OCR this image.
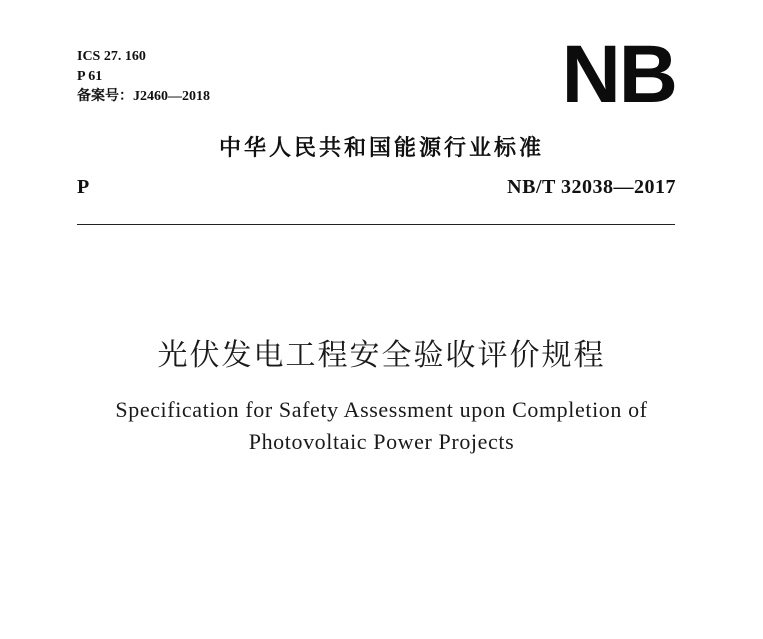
ICS 27. 160
P 61
备案号：J2460—2018	NB
中华人民共和国能源行业标准
P	NB/T 32038—2017
光伏发电工程安全验收评价规程
Specification for Safety Assessment upon Completion of
Photovoltaic Power Projects
